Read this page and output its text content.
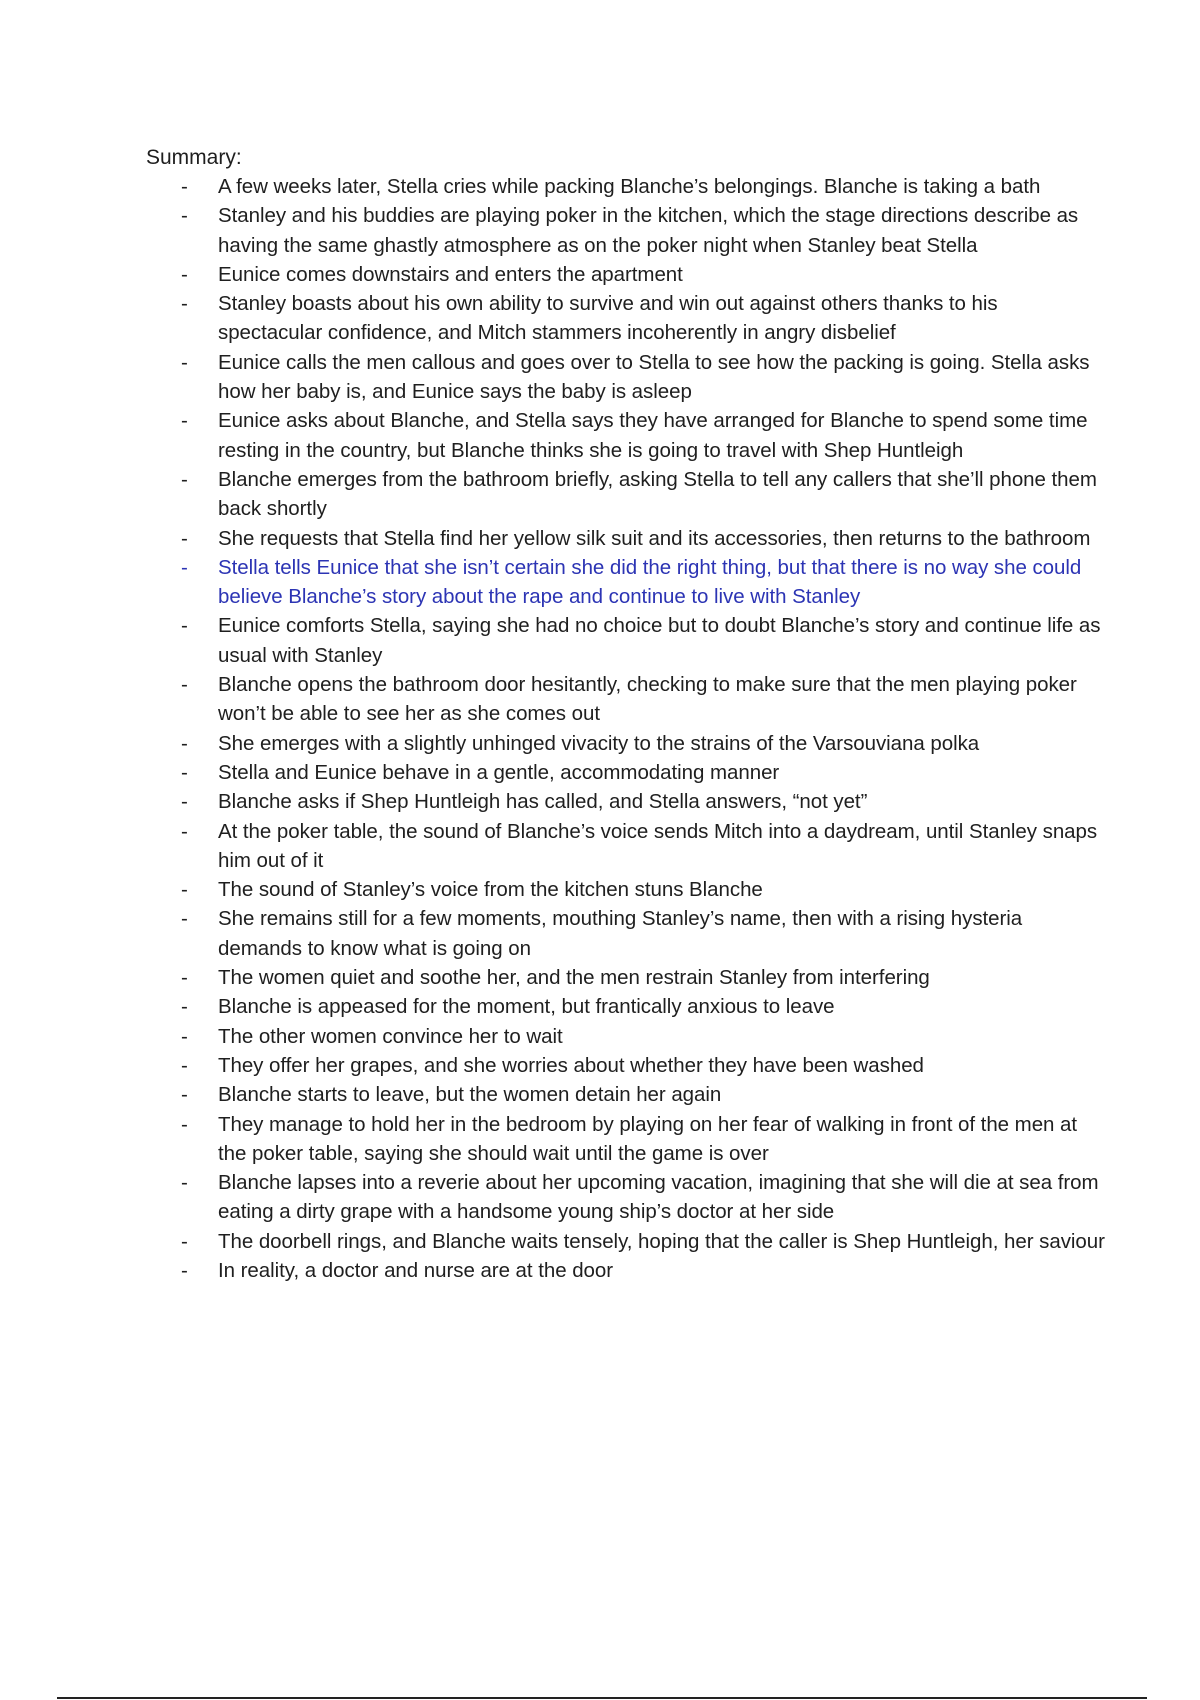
Summary:
- A few weeks later, Stella cries while packing Blanche’s belongings. Blanche is taking a bath
- Stanley and his buddies are playing poker in the kitchen, which the stage directions describe as having the same ghastly atmosphere as on the poker night when Stanley beat Stella
- Eunice comes downstairs and enters the apartment
- Stanley boasts about his own ability to survive and win out against others thanks to his spectacular confidence, and Mitch stammers incoherently in angry disbelief
- Eunice calls the men callous and goes over to Stella to see how the packing is going. Stella asks how her baby is, and Eunice says the baby is asleep
- Eunice asks about Blanche, and Stella says they have arranged for Blanche to spend some time resting in the country, but Blanche thinks she is going to travel with Shep Huntleigh
- Blanche emerges from the bathroom briefly, asking Stella to tell any callers that she’ll phone them back shortly
- She requests that Stella find her yellow silk suit and its accessories, then returns to the bathroom
- Stella tells Eunice that she isn’t certain she did the right thing, but that there is no way she could believe Blanche’s story about the rape and continue to live with Stanley
- Eunice comforts Stella, saying she had no choice but to doubt Blanche’s story and continue life as usual with Stanley
- Blanche opens the bathroom door hesitantly, checking to make sure that the men playing poker won’t be able to see her as she comes out
- She emerges with a slightly unhinged vivacity to the strains of the Varsouviana polka
- Stella and Eunice behave in a gentle, accommodating manner
- Blanche asks if Shep Huntleigh has called, and Stella answers, “not yet”
- At the poker table, the sound of Blanche’s voice sends Mitch into a daydream, until Stanley snaps him out of it
- The sound of Stanley’s voice from the kitchen stuns Blanche
- She remains still for a few moments, mouthing Stanley’s name, then with a rising hysteria demands to know what is going on
- The women quiet and soothe her, and the men restrain Stanley from interfering
- Blanche is appeased for the moment, but frantically anxious to leave
- The other women convince her to wait
- They offer her grapes, and she worries about whether they have been washed
- Blanche starts to leave, but the women detain her again
- They manage to hold her in the bedroom by playing on her fear of walking in front of the men at the poker table, saying she should wait until the game is over
- Blanche lapses into a reverie about her upcoming vacation, imagining that she will die at sea from eating a dirty grape with a handsome young ship’s doctor at her side
- The doorbell rings, and Blanche waits tensely, hoping that the caller is Shep Huntleigh, her saviour
- In reality, a doctor and nurse are at the door
